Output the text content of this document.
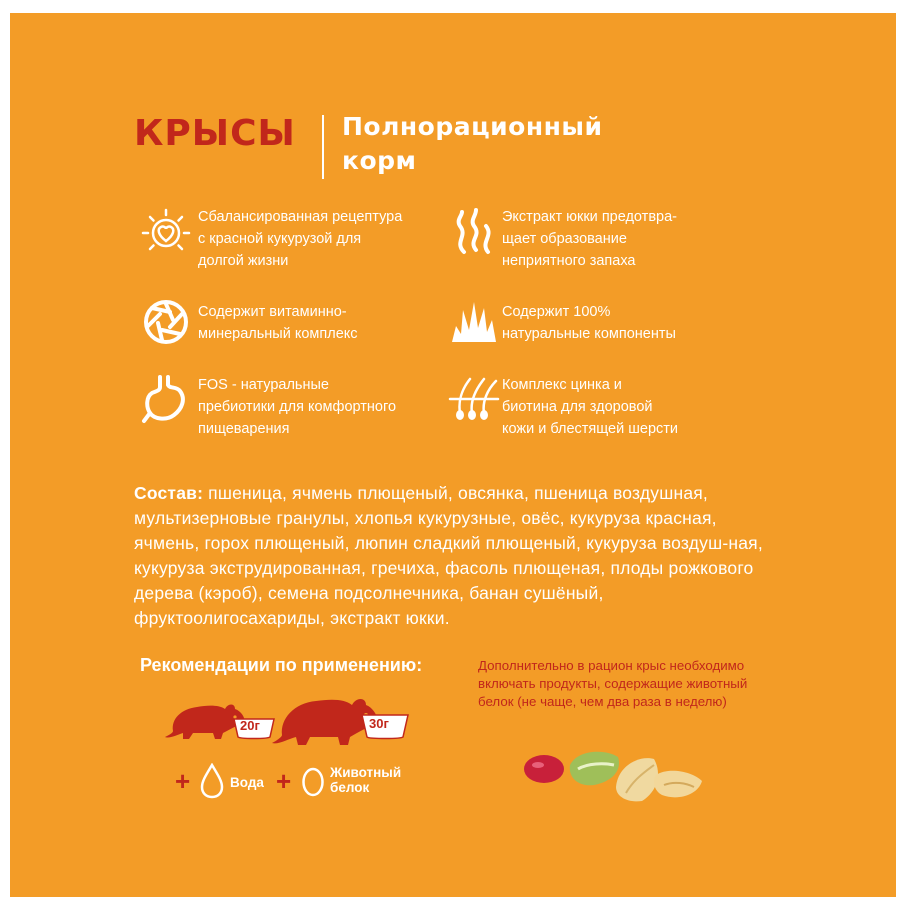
КРЫСЫ Полнорационный
корм
Сбалансированная рецептура
с красной кукурузой для
долгой жизни
Экстракт юкки предотвра-
щает образование
неприятного запаха
Содержит витаминно-
минеральный комплекс
Содержит 100%
натуральные компоненты
FOS - натуральные
пребиотики для комфортного
пищеварения
Комплекс цинка и
биотина для здоровой
кожи и блестящей шерсти
Состав: пшеница, ячмень плющеный, овсянка, пшеница воздушная, мультизерновые гранулы, хлопья кукурузные, овёс, кукуруза красная, ячмень, горох плющеный, люпин сладкий плющеный, кукуруза воздуш-ная, кукуруза экструдированная, гречиха, фасоль плющеная, плоды рожкового дерева (кэроб), семена подсолнечника, банан сушёный, фруктоолигосахариды, экстракт юкки.
Рекомендации по применению:
20г	30г
+	Вода +	Животный
белок
Дополнительно в рацион крыс необходимо
включать продукты, содержащие животный
белок (не чаще, чем два раза в неделю)
